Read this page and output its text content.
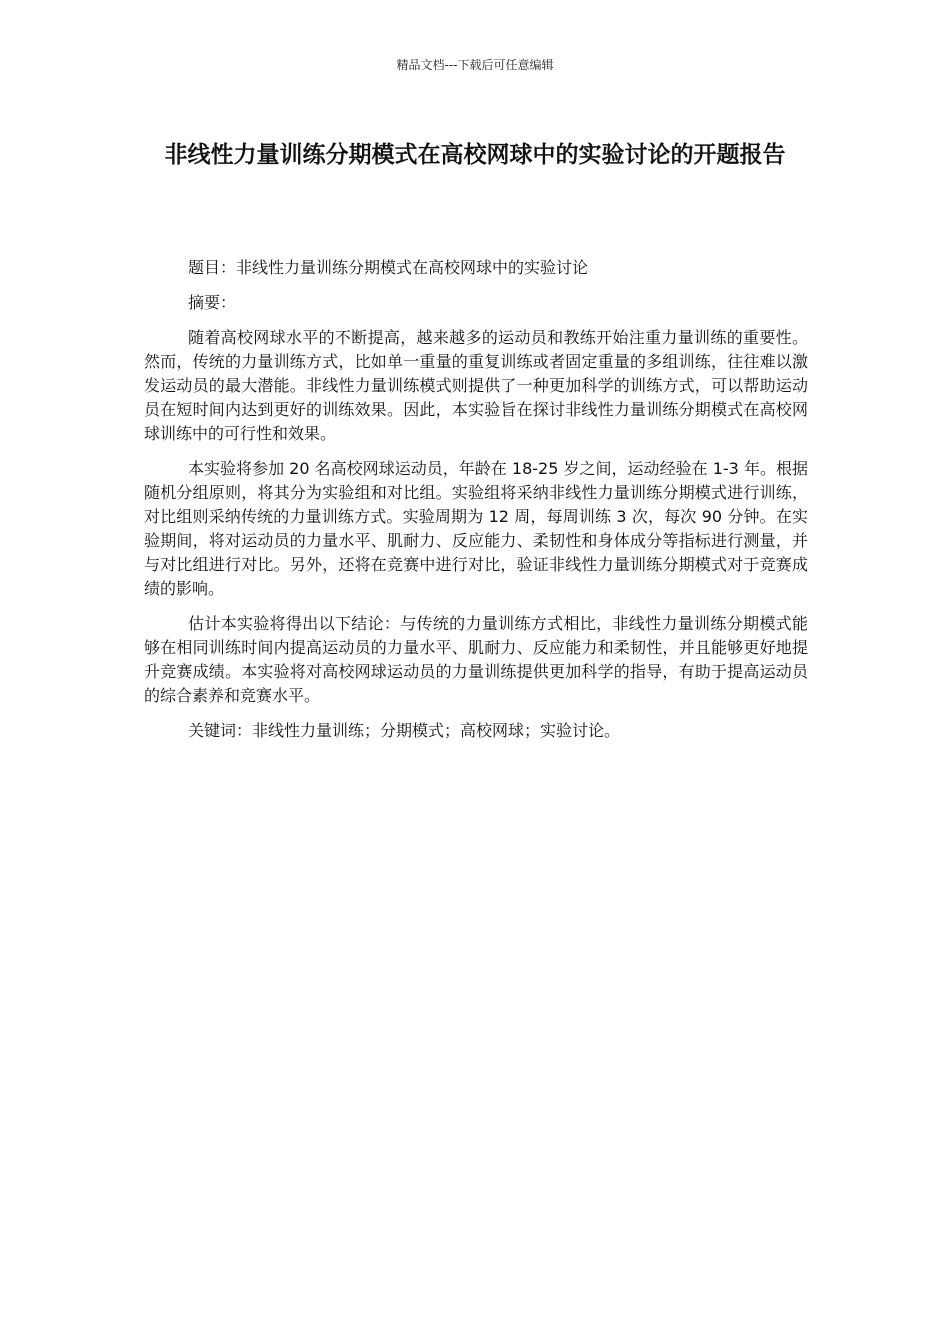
精品文档---下载后可任意编辑
非线性力量训练分期模式在高校网球中的实验讨论的开题报告

题目：非线性力量训练分期模式在高校网球中的实验讨论

摘要：

随着高校网球水平的不断提高，越来越多的运动员和教练开始注重力量训练的重要性。然而，传统的力量训练方式，比如单一重量的重复训练或者固定重量的多组训练，往往难以激发运动员的最大潜能。非线性力量训练模式则提供了一种更加科学的训练方式，可以帮助运动员在短时间内达到更好的训练效果。因此，本实验旨在探讨非线性力量训练分期模式在高校网球训练中的可行性和效果。

本实验将参加 20 名高校网球运动员，年龄在 18-25 岁之间，运动经验在 1-3 年。根据随机分组原则，将其分为实验组和对比组。实验组将采纳非线性力量训练分期模式进行训练，对比组则采纳传统的力量训练方式。实验周期为 12 周，每周训练 3 次，每次 90 分钟。在实验期间，将对运动员的力量水平、肌耐力、反应能力、柔韧性和身体成分等指标进行测量，并与对比组进行对比。另外，还将在竞赛中进行对比，验证非线性力量训练分期模式对于竞赛成绩的影响。

估计本实验将得出以下结论：与传统的力量训练方式相比，非线性力量训练分期模式能够在相同训练时间内提高运动员的力量水平、肌耐力、反应能力和柔韧性，并且能够更好地提升竞赛成绩。本实验将对高校网球运动员的力量训练提供更加科学的指导，有助于提高运动员的综合素养和竞赛水平。

关键词：非线性力量训练；分期模式；高校网球；实验讨论。
